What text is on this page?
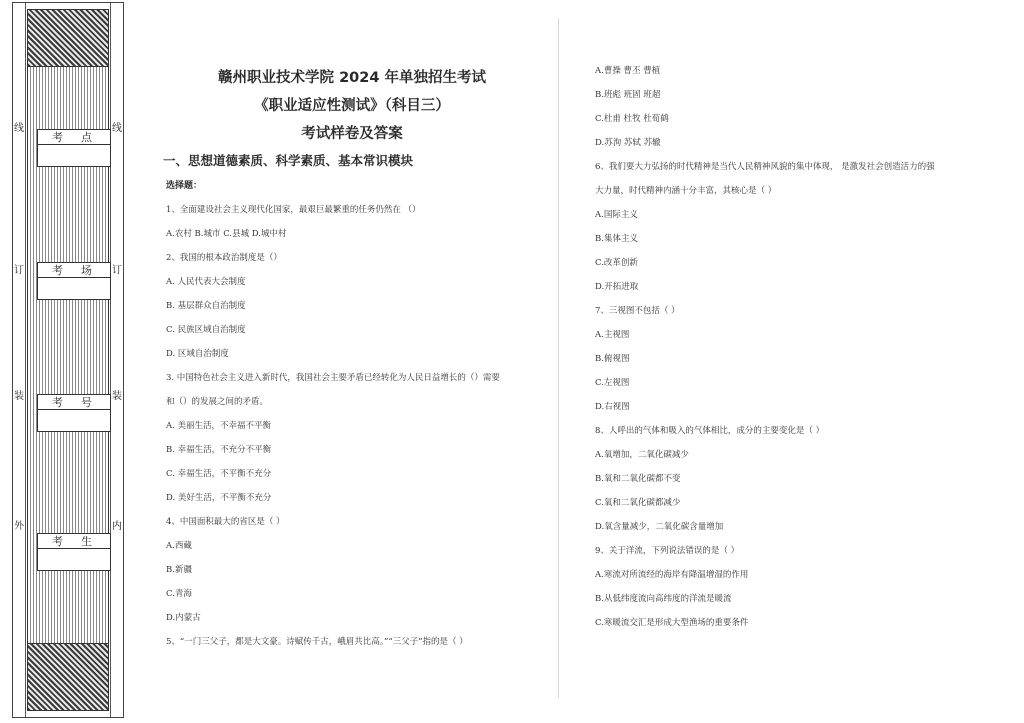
线
订
装
外
线
订
装
内
考点
考场
考号
考生
赣州职业技术学院 2024 年单独招生考试
《职业适应性测试》（科目三）
考试样卷及答案
一、思想道德素质、科学素质、基本常识模块
选择题：
1、全面建设社会主义现代化国家，最艰巨最繁重的任务仍然在 （）
A.农村 B.城市 C.县城 D.城中村
2、我国的根本政治制度是（）
A. 人民代表大会制度
B. 基层群众自治制度
C. 民族区域自治制度
D. 区域自治制度
3. 中国特色社会主义进入新时代，我国社会主要矛盾已经转化为人民日益增长的（）需要
和（）的发展之间的矛盾。
A. 美丽生活，不幸福不平衡
B. 幸福生活，不充分不平衡
C. 幸福生活，不平衡不充分
D. 美好生活，不平衡不充分
4、中国面积最大的省区是（ ）
A.西藏
B.新疆
C.青海
D.内蒙古
5、“一门三父子，都是大文豪。诗赋传千古，峨眉共比高。”“三父子”指的是（ ）
A.曹操 曹丕 曹植
B.班彪 班固 班超
C.杜甫 杜牧 杜荀鹤
D.苏洵 苏轼 苏辙
6、我们要大力弘扬的时代精神是当代人民精神风貌的集中体现， 是激发社会创造活力的强
大力量，时代精神内涵十分丰富，其核心是（ ）
A.国际主义
B.集体主义
C.改革创新
D.开拓进取
7、三视图不包括（ ）
A.主视图
B.俯视图
C.左视图
D.右视图
8、人呼出的气体和吸入的气体相比，成分的主要变化是（ ）
A.氧增加，二氧化碳减少
B.氧和二氧化碳都不变
C.氧和二氧化碳都减少
D.氧含量减少，二氧化碳含量增加
9、关于洋流，下列说法错误的是（ ）
A.寒流对所流经的海岸有降温增湿的作用
B.从低纬度流向高纬度的洋流是暖流
C.寒暖流交汇是形成大型渔场的重要条件
